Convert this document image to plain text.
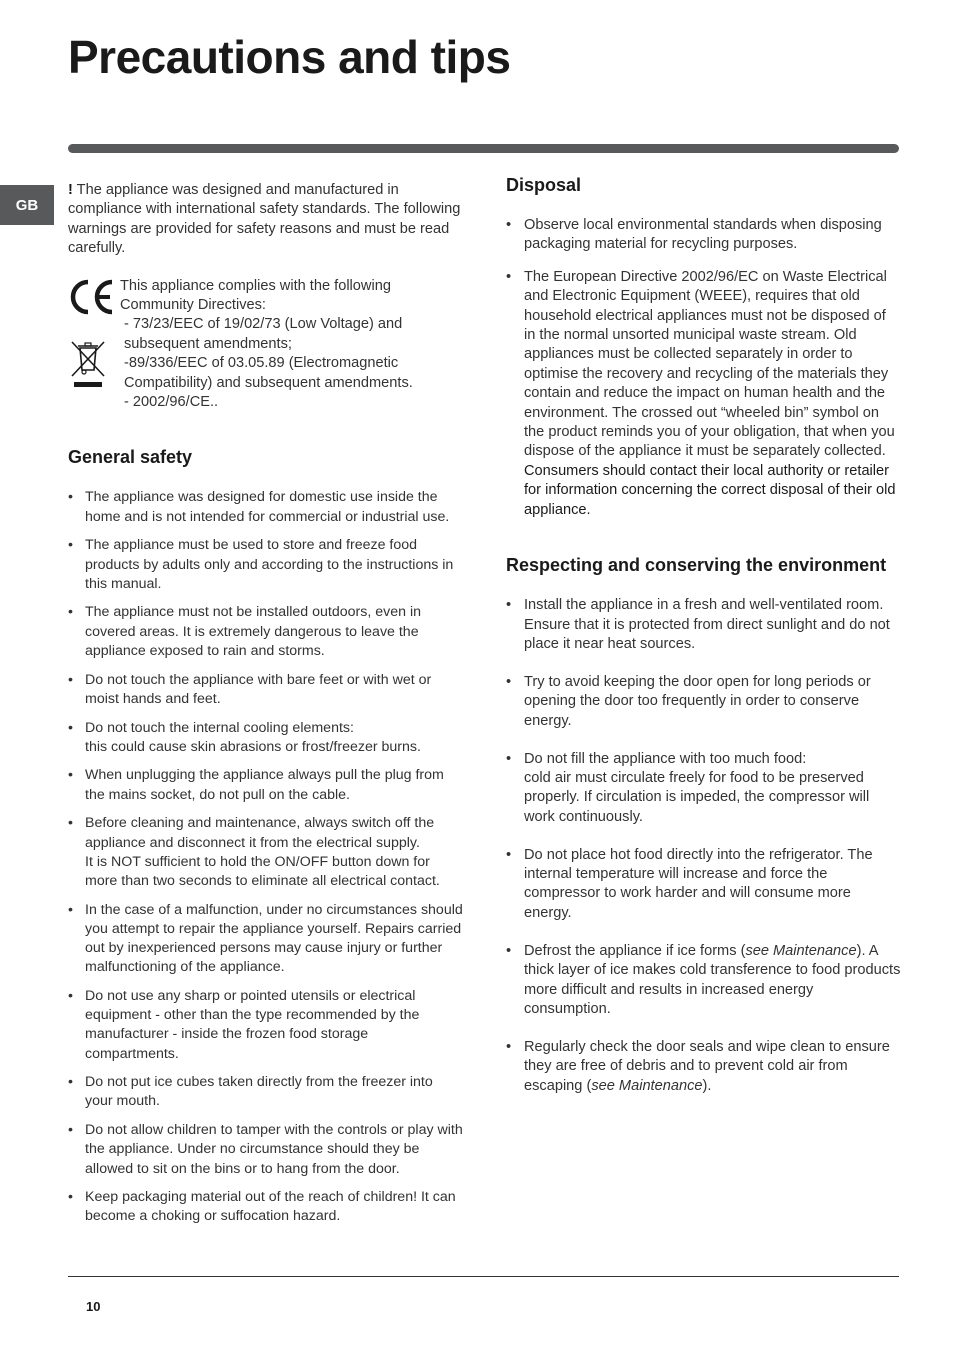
Precautions and tips
GB

! The appliance was designed and manufactured in compliance with international safety standards. The following warnings are provided for safety reasons and must be read carefully.

This appliance complies with the following
Community Directives:
- 73/23/EEC of 19/02/73 (Low Voltage) and
subsequent amendments;
-89/336/EEC of 03.05.89 (Electromagnetic
Compatibility) and subsequent amendments.
- 2002/96/CE..
General safety
• The appliance was designed for domestic use inside the home and is not intended for commercial or industrial use.
• The appliance must be used to store and freeze food products by adults only and according to the instructions in this manual.
• The appliance must not be installed outdoors, even in covered areas. It is extremely dangerous to leave the appliance exposed to rain and storms.
• Do not touch the appliance with bare feet or with wet or moist hands and feet.
• Do not touch the internal cooling elements:
this could cause skin abrasions or frost/freezer burns.
• When unplugging the appliance always pull the plug from the mains socket, do not pull on the cable.
• Before cleaning and maintenance, always switch off the appliance and disconnect it from the electrical supply.
It is NOT sufficient to hold the ON/OFF button down for more than two seconds to eliminate all electrical contact.
• In the case of a malfunction, under no circumstances should you attempt to repair the appliance yourself. Repairs carried out by inexperienced persons may cause injury or further malfunctioning of the appliance.
• Do not use any sharp or pointed utensils or electrical equipment - other than the type recommended by the manufacturer - inside the frozen food storage compartments.
• Do not put ice cubes taken directly from the freezer into your mouth.
• Do not allow children to tamper with the controls or play with the appliance. Under no circumstance should they be allowed to sit on the bins or to hang from the door.
• Keep packaging material out of the reach of children! It can become a choking or suffocation hazard.
Disposal
• Observe local environmental standards when disposing packaging material for recycling purposes.
• The European Directive 2002/96/EC on Waste Electrical and Electronic Equipment (WEEE), requires that old household electrical appliances must not be disposed of in the normal unsorted municipal waste stream. Old appliances must be collected separately in order to optimise the recovery and recycling of the materials they contain and reduce the impact on human health and the environment. The crossed out “wheeled bin” symbol on the product reminds you of your obligation, that when you dispose of the appliance it must be separately collected.
Consumers should contact their local authority or retailer for information concerning the correct disposal of their old appliance.
Respecting and conserving the environment
• Install the appliance in a fresh and well-ventilated room. Ensure that it is protected from direct sunlight and do not place it near heat sources.
• Try to avoid keeping the door open for long periods or opening the door too frequently in order to conserve energy.
• Do not fill the appliance with too much food:
cold air must circulate freely for food to be preserved properly. If circulation is impeded, the compressor will work continuously.
• Do not place hot food directly into the refrigerator. The internal temperature will increase and force the compressor to work harder and will consume more energy.
• Defrost the appliance if ice forms (see Maintenance). A thick layer of ice makes cold transference to food products more difficult and results in increased energy consumption.
• Regularly check the door seals and wipe clean to ensure they are free of debris and to prevent cold air from escaping (see Maintenance).
10
